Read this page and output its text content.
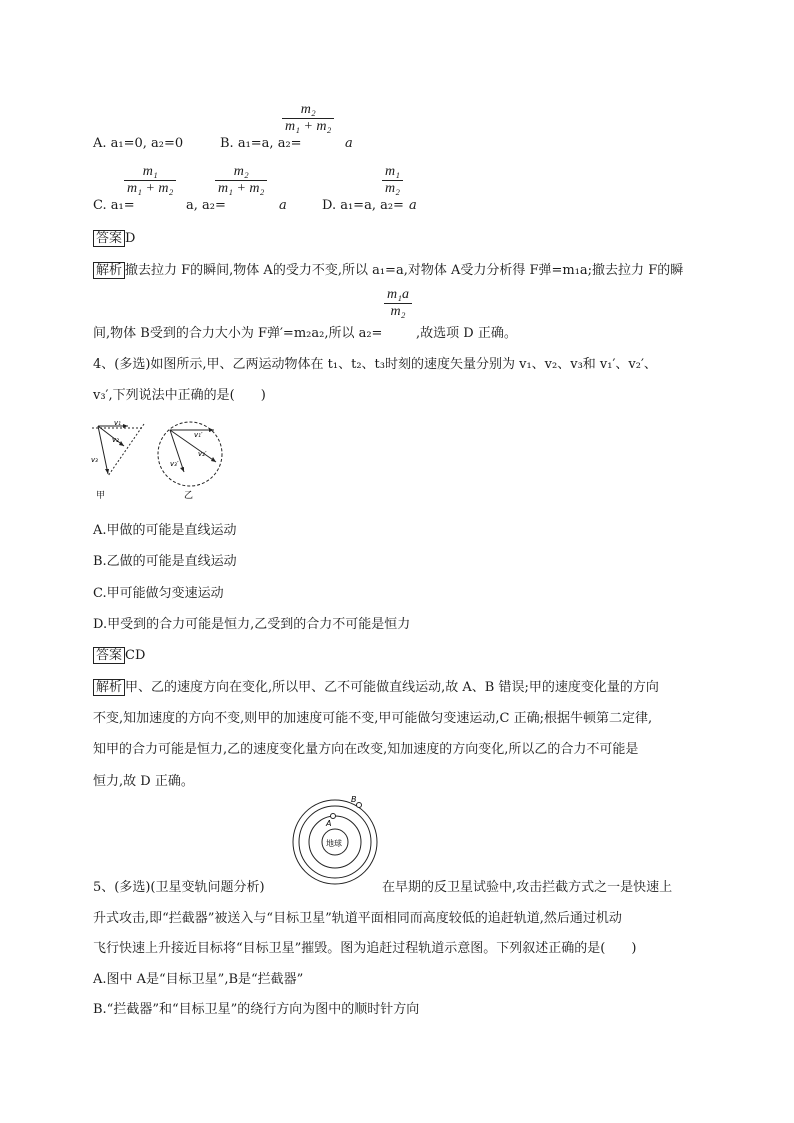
$\frac{\text{m₂}}{\text{m₁ + m₂}}$
A. a₁=0, a₂=0	B. a₁=a, a₂=	a
$\frac{\text{m₁}}{\text{m₁ + m₂}}$	$\frac{\text{m₂}}{\text{m₁ + m₂}}$	$\frac{\text{m₁}}{\text{m₂}}$
C. a₁=	a, a₂=	a	D. a₁=a, a₂= a
答案 D
解析 撤去拉力 F的瞬间,物体 A的受力不变,所以 a₁=a,对物体 A受力分析得 F弹=m₁a;撤去拉力 F的瞬
$\frac{\text{m₁a}}{\text{m₂}}$
间,物体 B受到的合力大小为 F弹′=m₂a₂,所以 a₂=	,故选项 D 正确。
4、(多选)如图所示,甲、乙两运动物体在 t₁、t₂、t₃时刻的速度矢量分别为 v₁、v₂、v₃和 v₁′、v₂′、
v₃′,下列说法中正确的是(　　)
v₁
v₂
v₃
甲
v₁′
v₂′
v₃′
乙
A.甲做的可能是直线运动
B.乙做的可能是直线运动
C.甲可能做匀变速运动
D.甲受到的合力可能是恒力,乙受到的合力不可能是恒力
答案 CD
解析 甲、乙的速度方向在变化,所以甲、乙不可能做直线运动,故 A、B 错误;甲的速度变化量的方向
不变,知加速度的方向不变,则甲的加速度可能不变,甲可能做匀变速运动,C 正确;根据牛顿第二定律,
知甲的合力可能是恒力,乙的速度变化量方向在改变,知加速度的方向变化,所以乙的合力不可能是
恒力,故 D 正确。
A
B
地球
5、(多选)(卫星变轨问题分析)	在早期的反卫星试验中,攻击拦截方式之一是快速上
升式攻击,即“拦截器”被送入与“目标卫星”轨道平面相同而高度较低的追赶轨道,然后通过机动
飞行快速上升接近目标将“目标卫星”摧毁。图为追赶过程轨道示意图。下列叙述正确的是(　　)
A.图中 A是“目标卫星”,B是“拦截器”
B.“拦截器”和“目标卫星”的绕行方向为图中的顺时针方向
